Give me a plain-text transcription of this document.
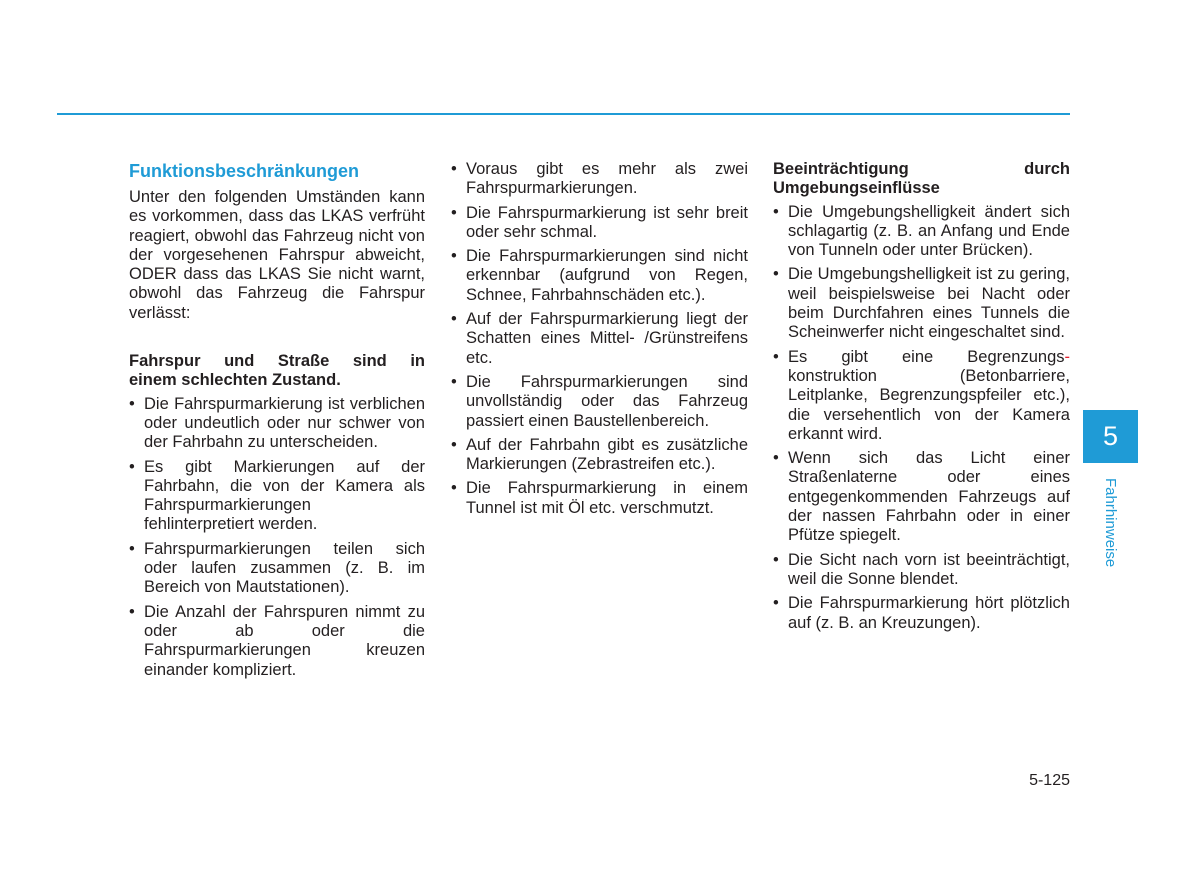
Funktionsbeschränkungen

Unter den folgenden Umständen kann es vorkommen, dass das LKAS verfrüht reagiert, obwohl das Fahrzeug nicht von der vorgesehenen Fahrspur abweicht, ODER dass das LKAS Sie nicht warnt, obwohl das Fahrzeug die Fahrspur verlässt:

Fahrspur und Straße sind in

einem schlechten Zustand.

• Die Fahrspurmarkierung ist verblichen oder undeutlich oder nur schwer von der Fahrbahn zu unterscheiden.
• Es gibt Markierungen auf der Fahrbahn, die von der Kamera als Fahrspurmarkierungen fehlinterpretiert werden.
• Fahrspurmarkierungen teilen sich oder laufen zusammen (z. B. im Bereich von Mautstationen).
• Die Anzahl der Fahrspuren nimmt zu oder ab oder die Fahrspurmarkierungen kreuzen einander kompliziert.
• Voraus gibt es mehr als zwei Fahrspurmarkierungen.
• Die Fahrspurmarkierung ist sehr breit oder sehr schmal.
• Die Fahrspurmarkierungen sind nicht erkennbar (aufgrund von Regen, Schnee, Fahrbahnschäden etc.).
• Auf der Fahrspurmarkierung liegt der Schatten eines Mittel- /Grünstreifens etc.
• Die Fahrspurmarkierungen sind unvollständig oder das Fahrzeug passiert einen Baustellenbereich.
• Auf der Fahrbahn gibt es zusätzliche Markierungen (Zebrastreifen etc.).
• Die Fahrspurmarkierung in einem Tunnel ist mit Öl etc. verschmutzt.

Beeinträchtigung durch

Umgebungseinflüsse

• Die Umgebungshelligkeit ändert sich schlagartig (z. B. an Anfang und Ende von Tunneln oder unter Brücken).
• Die Umgebungshelligkeit ist zu gering, weil beispielsweise bei Nacht oder beim Durchfahren eines Tunnels die Scheinwerfer nicht eingeschaltet sind.
• Es gibt eine Begrenzungs- konstruktion (Betonbarriere, Leitplanke, Begrenzungspfeiler etc.), die versehentlich von der Kamera erkannt wird.
• Wenn sich das Licht einer Straßenlaterne oder eines entgegenkommenden Fahrzeugs auf der nassen Fahrbahn oder in einer Pfütze spiegelt.
• Die Sicht nach vorn ist beeinträchtigt, weil die Sonne blendet.
• Die Fahrspurmarkierung hört plötzlich auf (z. B. an Kreuzungen).
5
Fahrhinweise
5-125
